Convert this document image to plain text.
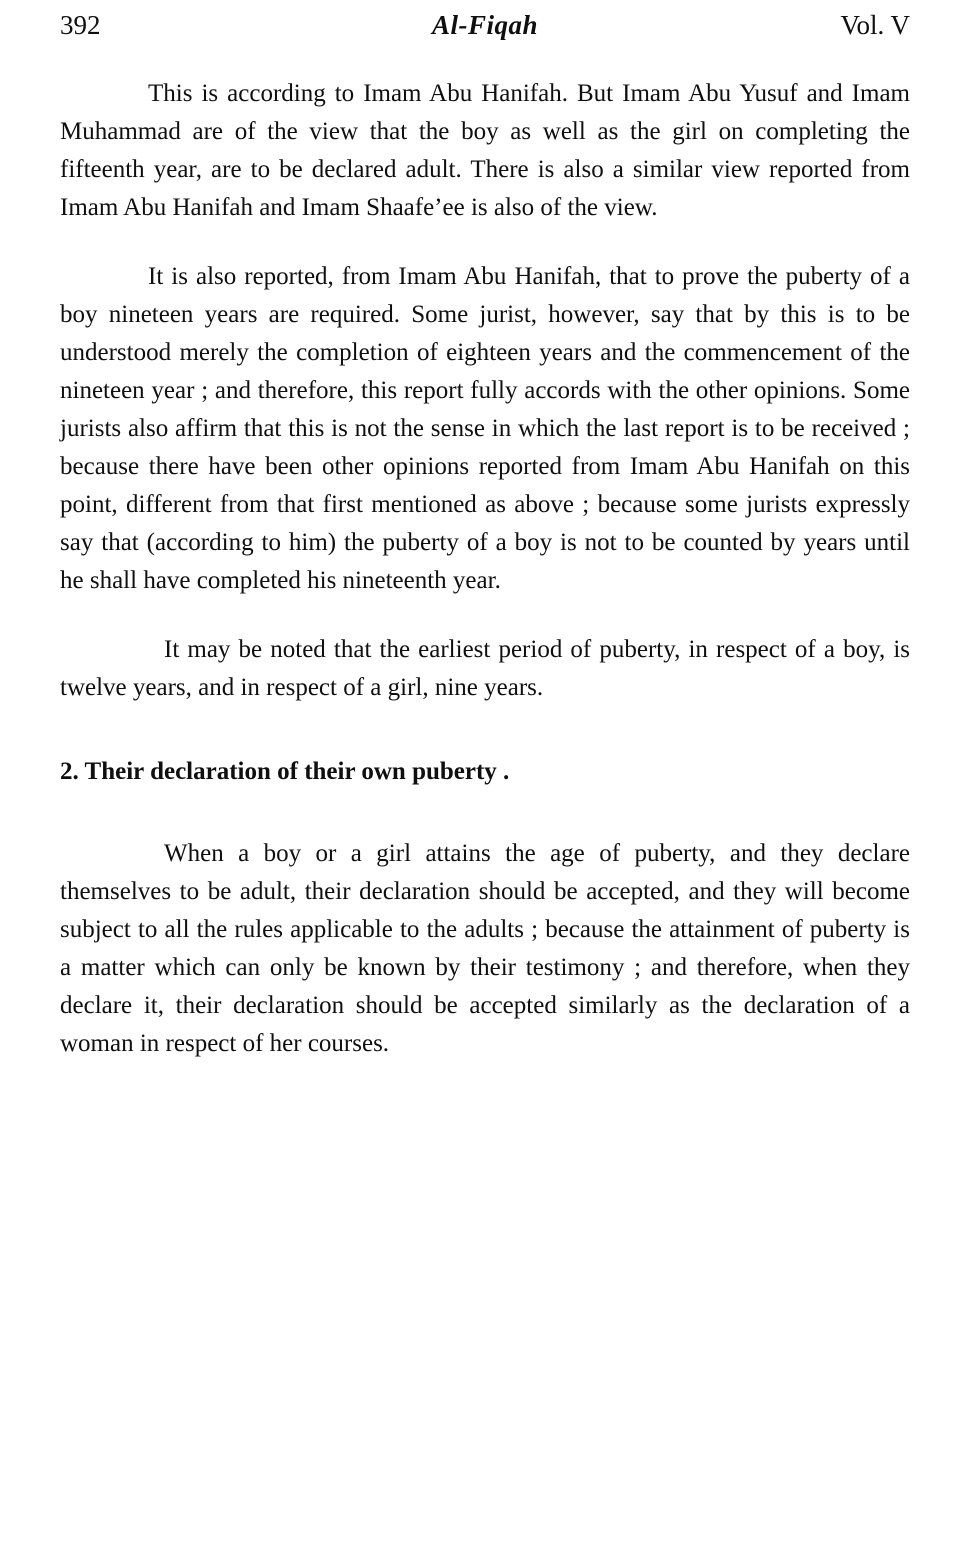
392	Al-Fiqah	Vol. V

This is according to Imam Abu Hanifah. But Imam Abu Yusuf and Imam Muhammad are of the view that the boy as well as the girl on completing the fifteenth year, are to be declared adult. There is also a similar view reported from Imam Abu Hanifah and Imam Shaafe’ee is also of the view.

It is also reported, from Imam Abu Hanifah, that to prove the puberty of a boy nineteen years are required. Some jurist, however, say that by this is to be understood merely the completion of eighteen years and the commencement of the nineteen year ; and therefore, this report fully accords with the other opinions. Some jurists also affirm that this is not the sense in which the last report is to be received ; because there have been other opinions reported from Imam Abu Hanifah on this point, different from that first mentioned as above ; because some jurists expressly say that (according to him) the puberty of a boy is not to be counted by years until he shall have completed his nineteenth year.

It may be noted that the earliest period of puberty, in respect of a boy, is twelve years, and in respect of a girl, nine years.

2. Their declaration of their own puberty .

When a boy or a girl attains the age of puberty, and they declare themselves to be adult, their declaration should be accepted, and they will become subject to all the rules applicable to the adults ; because the attainment of puberty is a matter which can only be known by their testimony ; and therefore, when they declare it, their declaration should be accepted similarly as the declaration of a woman in respect of her courses.
